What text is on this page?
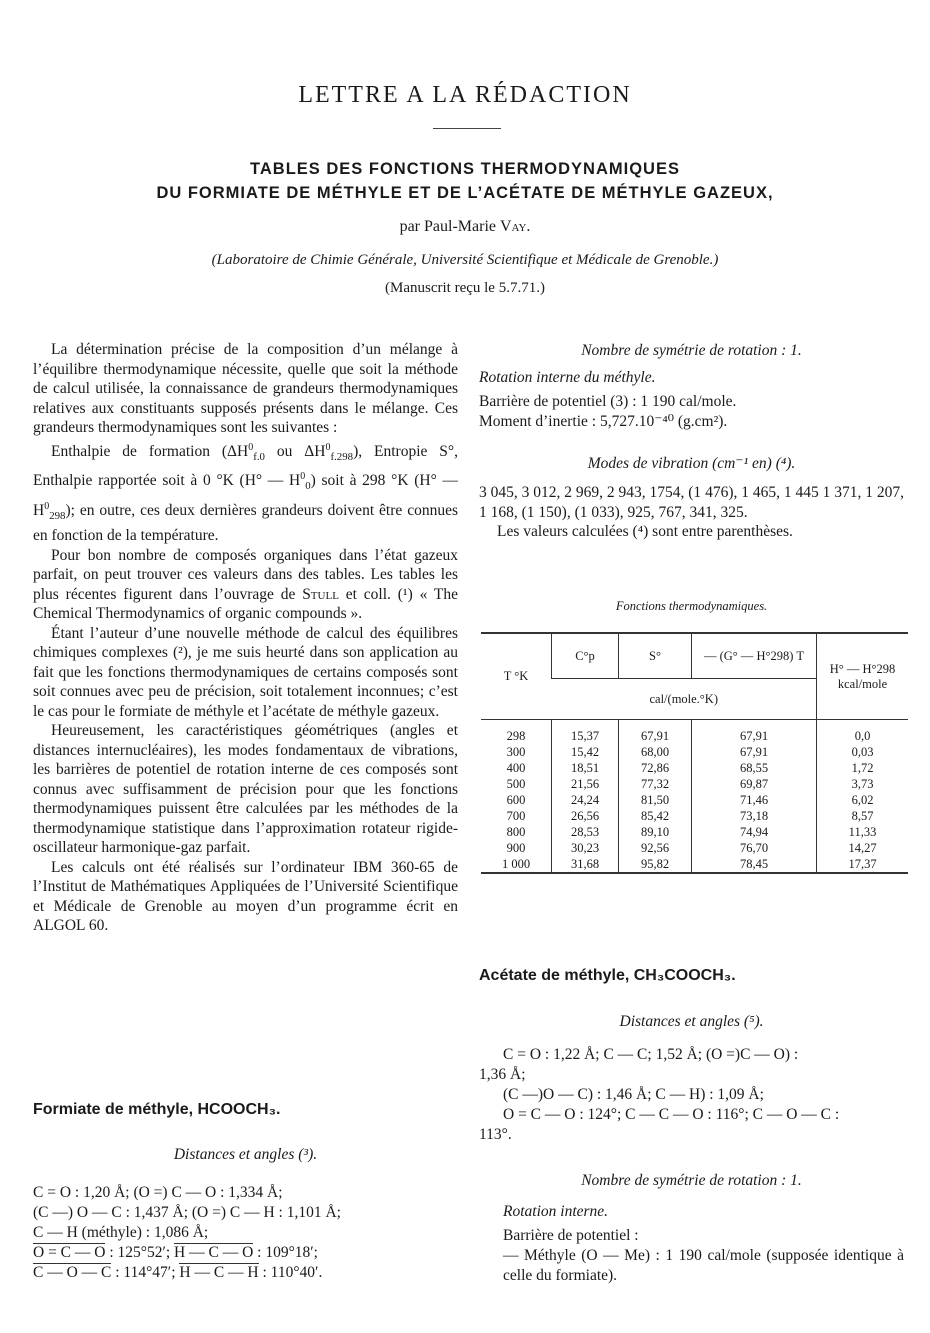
LETTRE A LA RÉDACTION
TABLES DES FONCTIONS THERMODYNAMIQUES
DU FORMIATE DE MÉTHYLE ET DE L’ACÉTATE DE MÉTHYLE GAZEUX,
par Paul-Marie Vay.
(Laboratoire de Chimie Générale, Université Scientifique et Médicale de Grenoble.)
(Manuscrit reçu le 5.7.71.)

La détermination précise de la composition d’un mélange à l’équilibre thermodynamique nécessite, quelle que soit la méthode de calcul utilisée, la connaissance de grandeurs thermodynamiques relatives aux constituants supposés présents dans le mélange. Ces grandeurs thermodynamiques sont les suivantes :

Enthalpie de formation ($\Delta H^0_{f.0}$ ou $\Delta H^0_{f.298}$), Entropie S°, Enthalpie rapportée soit à 0 °K (H° — $H^0_0$) soit à 298 °K (H° — $H^0_{298}$); en outre, ces deux dernières grandeurs doivent être connues en fonction de la température.

Pour bon nombre de composés organiques dans l’état gazeux parfait, on peut trouver ces valeurs dans des tables. Les tables les plus récentes figurent dans l’ouvrage de Stull et coll. (¹) « The Chemical Thermodynamics of organic compounds ».

Étant l’auteur d’une nouvelle méthode de calcul des équilibres chimiques complexes (²), je me suis heurté dans son application au fait que les fonctions thermodynamiques de certains composés sont soit connues avec peu de précision, soit totalement inconnues; c’est le cas pour le formiate de méthyle et l’acétate de méthyle gazeux.

Heureusement, les caractéristiques géométriques (angles et distances internucléaires), les modes fondamentaux de vibrations, les barrières de potentiel de rotation interne de ces composés sont connus avec suffisamment de précision pour que les fonctions thermodynamiques puissent être calculées par les méthodes de la thermodynamique statistique dans l’approximation rotateur rigide-oscillateur harmonique-gaz parfait.

Les calculs ont été réalisés sur l’ordinateur IBM 360-65 de l’Institut de Mathématiques Appliquées de l’Université Scientifique et Médicale de Grenoble au moyen d’un programme écrit en ALGOL 60.

Formiate de méthyle, HCOOCH₃.
Distances et angles (³).
C = O : 1,20 Å; (O =) C — O : 1,334 Å;
(C —) O — C : 1,437 Å; (O =) C — H : 1,101 Å;
C — H (méthyle) : 1,086 Å;
O = C — O : 125°52′; H — C — O : 109°18′;
C — O — C : 114°47′; H — C — H : 110°40′.
Nombre de symétrie de rotation : 1.
Rotation interne du méthyle.
Barrière de potentiel (3) : 1 190 cal/mole.
Moment d’inertie : 5,727.10⁻⁴⁰ (g.cm²).
Modes de vibration (cm⁻¹ en) (⁴).

3 045, 3 012, 2 969, 2 943, 1754, (1 476), 1 465, 1 445 1 371, 1 207, 1 168, (1 150), (1 033), 925, 767, 341, 325.

Les valeurs calculées (⁴) sont entre parenthèses.

Fonctions thermodynamiques.
T °K	C°p	S°	— (G° — H°298) T	H° — H°298
kcal/mole

	cal/(mole.°K)			
298	15,37	67,91	67,91	0,0
300	15,42	68,00	67,91	0,03
400	18,51	72,86	68,55	1,72
500	21,56	77,32	69,87	3,73
600	24,24	81,50	71,46	6,02
700	26,56	85,42	73,18	8,57
800	28,53	89,10	74,94	11,33
900	30,23	92,56	76,70	14,27
1 000	31,68	95,82	78,45	17,37
Acétate de méthyle, CH₃COOCH₃.
Distances et angles (⁵).
C = O : 1,22 Å; C — C; 1,52 Å; (O =)C — O) :
1,36 Å;
(C —)O — C) : 1,46 Å; C — H) : 1,09 Å;
O = C — O : 124°; C — C — O : 116°; C — O — C :
113°.
Nombre de symétrie de rotation : 1.
Rotation interne.
Barrière de potentiel :

— Méthyle (O — Me) : 1 190 cal/mole (supposée identique à celle du formiate).
